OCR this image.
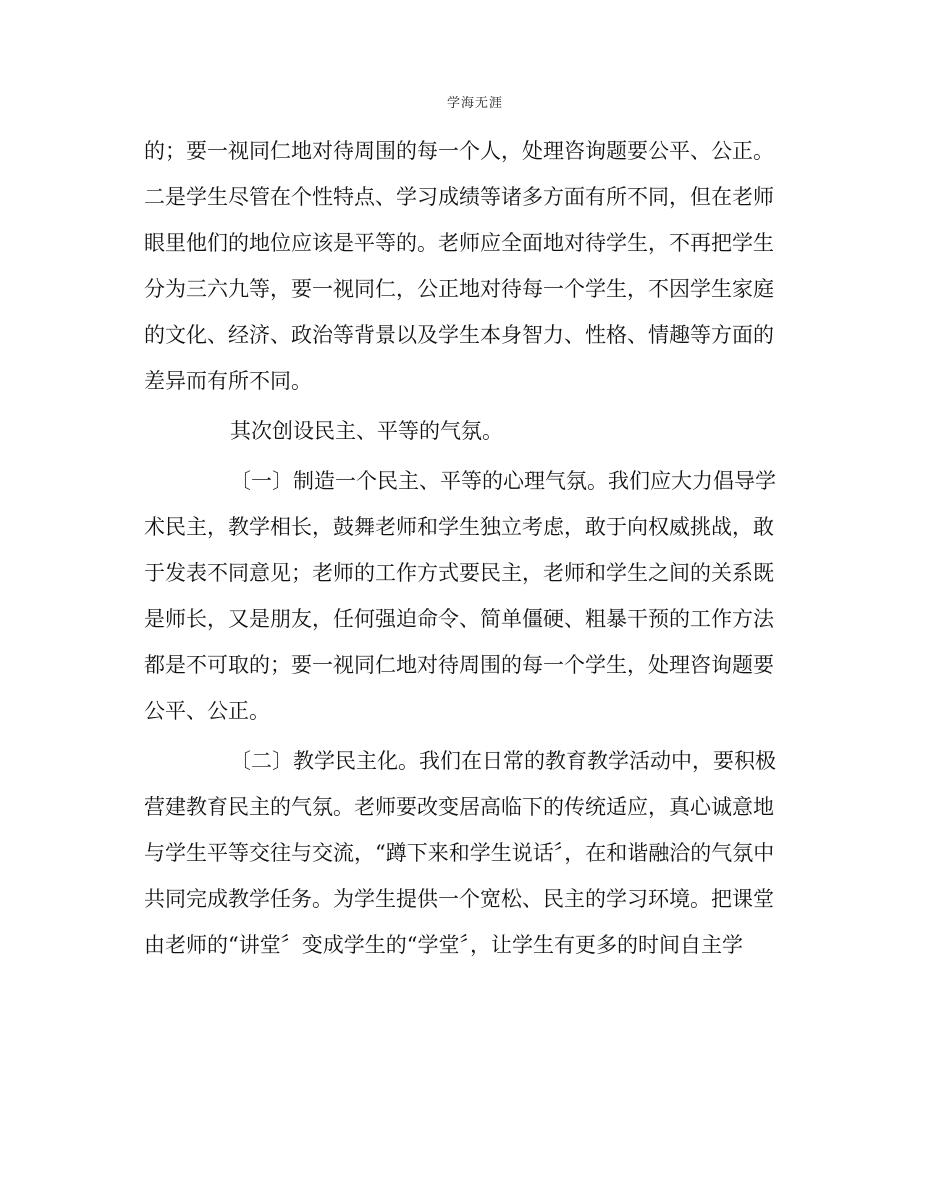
学海无涯
的；要一视同仁地对待周围的每一个人，处理咨询题要公平、公正。
二是学生尽管在个性特点、学习成绩等诸多方面有所不同，但在老师
眼里他们的地位应该是平等的。老师应全面地对待学生，不再把学生
分为三六九等，要一视同仁，公正地对待每一个学生，不因学生家庭
的文化、经济、政治等背景以及学生本身智力、性格、情趣等方面的
差异而有所不同。
其次创设民主、平等的气氛。
〔一〕制造一个民主、平等的心理气氛。我们应大力倡导学
术民主，教学相长，鼓舞老师和学生独立考虑，敢于向权威挑战，敢
于发表不同意见；老师的工作方式要民主，老师和学生之间的关系既
是师长，又是朋友，任何强迫命令、简单僵硬、粗暴干预的工作方法
都是不可取的；要一视同仁地对待周围的每一个学生，处理咨询题要
公平、公正。
〔二〕教学民主化。我们在日常的教育教学活动中，要积极
营建教育民主的气氛。老师要改变居高临下的传统适应，真心诚意地
与学生平等交往与交流，“蹲下来和学生说话〞，在和谐融洽的气氛中
共同完成教学任务。为学生提供一个宽松、民主的学习环境。把课堂
由老师的“讲堂〞变成学生的“学堂〞，让学生有更多的时间自主学
